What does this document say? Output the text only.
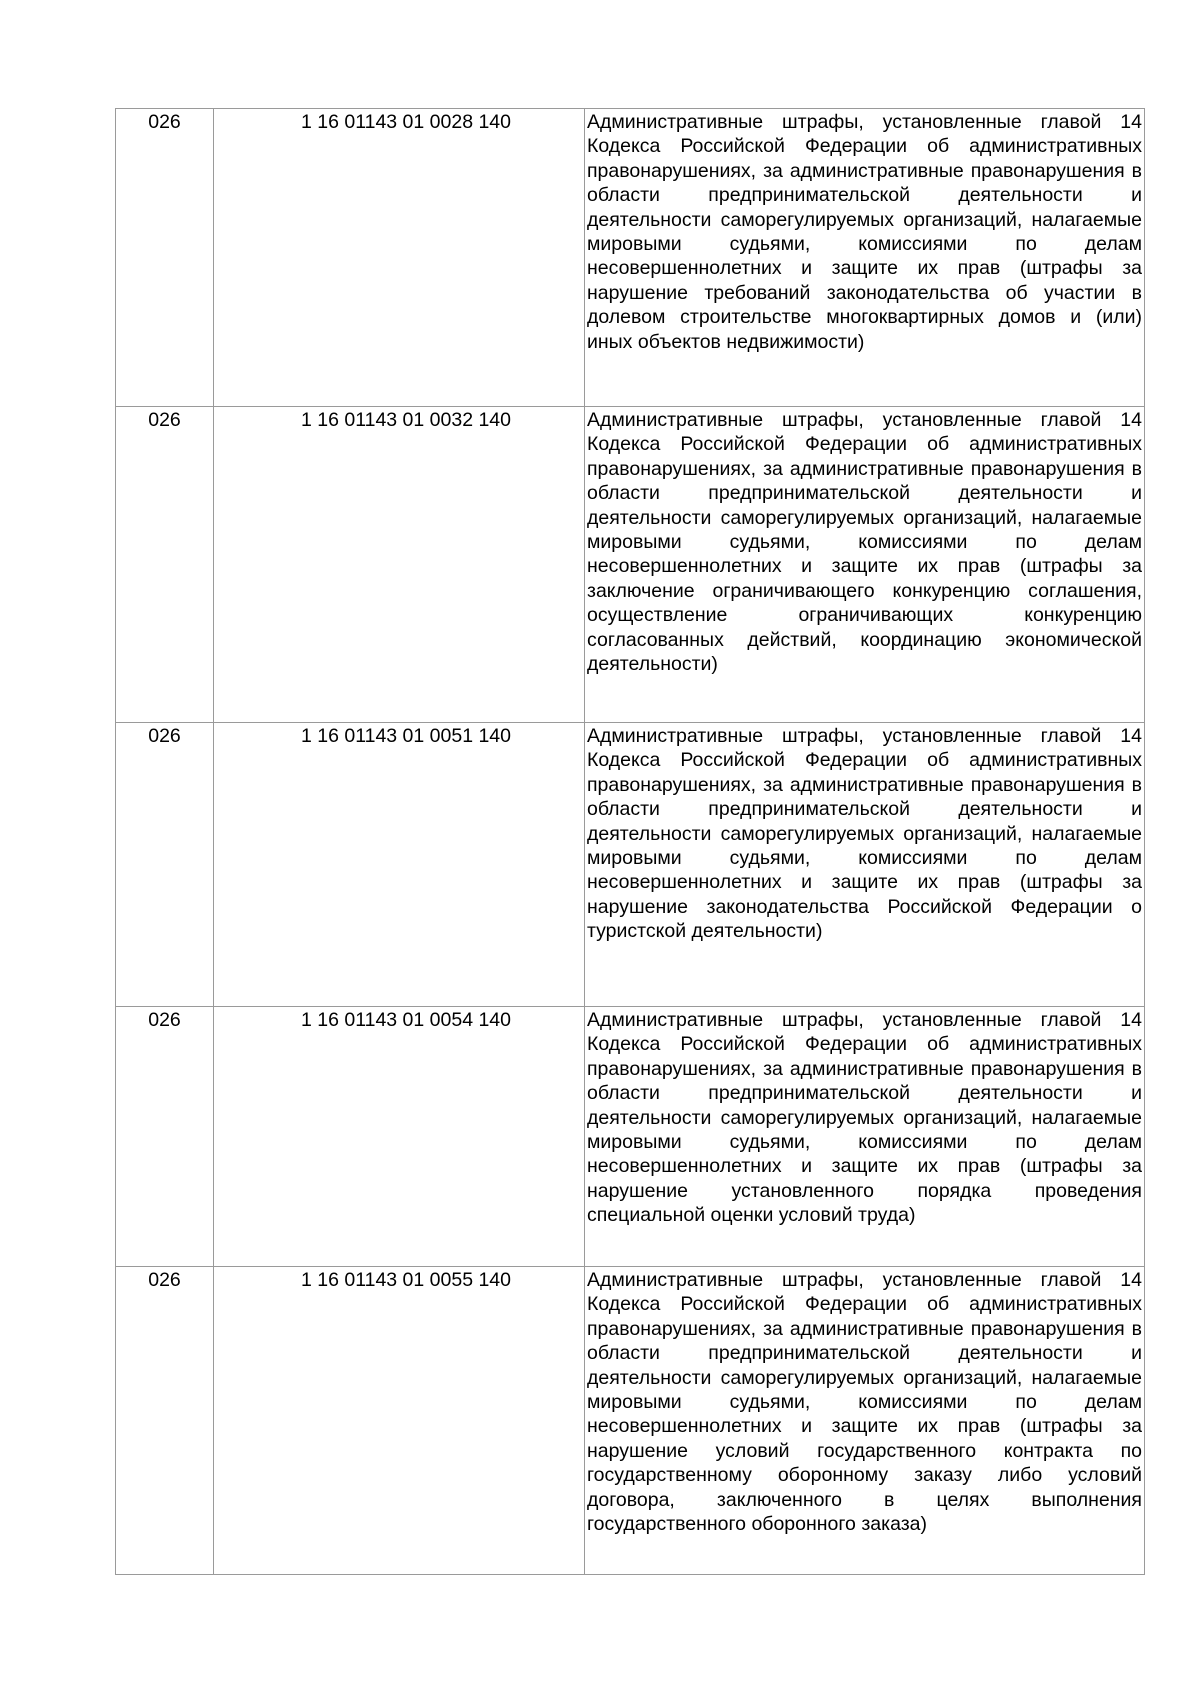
026	1 16 01143 01 0028 140	Административные штрафы, установленные главой 14 Кодекса Российской Федерации об административных правонарушениях, за административные правонарушения в области предпринимательской деятельности и деятельности саморегулируемых организаций, налагаемые мировыми судьями, комиссиями по делам несовершеннолетних и защите их прав (штрафы за нарушение требований законодательства об участии в долевом строительстве многоквартирных домов и (или) иных объектов недвижимости)
026	1 16 01143 01 0032 140	Административные штрафы, установленные главой 14 Кодекса Российской Федерации об административных правонарушениях, за административные правонарушения в области предпринимательской деятельности и деятельности саморегулируемых организаций, налагаемые мировыми судьями, комиссиями по делам несовершеннолетних и защите их прав (штрафы за заключение ограничивающего конкуренцию соглашения, осуществление ограничивающих конкуренцию согласованных действий, координацию экономической деятельности)
026	1 16 01143 01 0051 140	Административные штрафы, установленные главой 14 Кодекса Российской Федерации об административных правонарушениях, за административные правонарушения в области предпринимательской деятельности и деятельности саморегулируемых организаций, налагаемые мировыми судьями, комиссиями по делам несовершеннолетних и защите их прав (штрафы за нарушение законодательства Российской Федерации о туристской деятельности)
026	1 16 01143 01 0054 140	Административные штрафы, установленные главой 14 Кодекса Российской Федерации об административных правонарушениях, за административные правонарушения в области предпринимательской деятельности и деятельности саморегулируемых организаций, налагаемые мировыми судьями, комиссиями по делам несовершеннолетних и защите их прав (штрафы за нарушение установленного порядка проведения специальной оценки условий труда)
026	1 16 01143 01 0055 140	Административные штрафы, установленные главой 14 Кодекса Российской Федерации об административных правонарушениях, за административные правонарушения в области предпринимательской деятельности и деятельности саморегулируемых организаций, налагаемые мировыми судьями, комиссиями по делам несовершеннолетних и защите их прав (штрафы за нарушение условий государственного контракта по государственному оборонному заказу либо условий договора, заключенного в целях выполнения государственного оборонного заказа)
